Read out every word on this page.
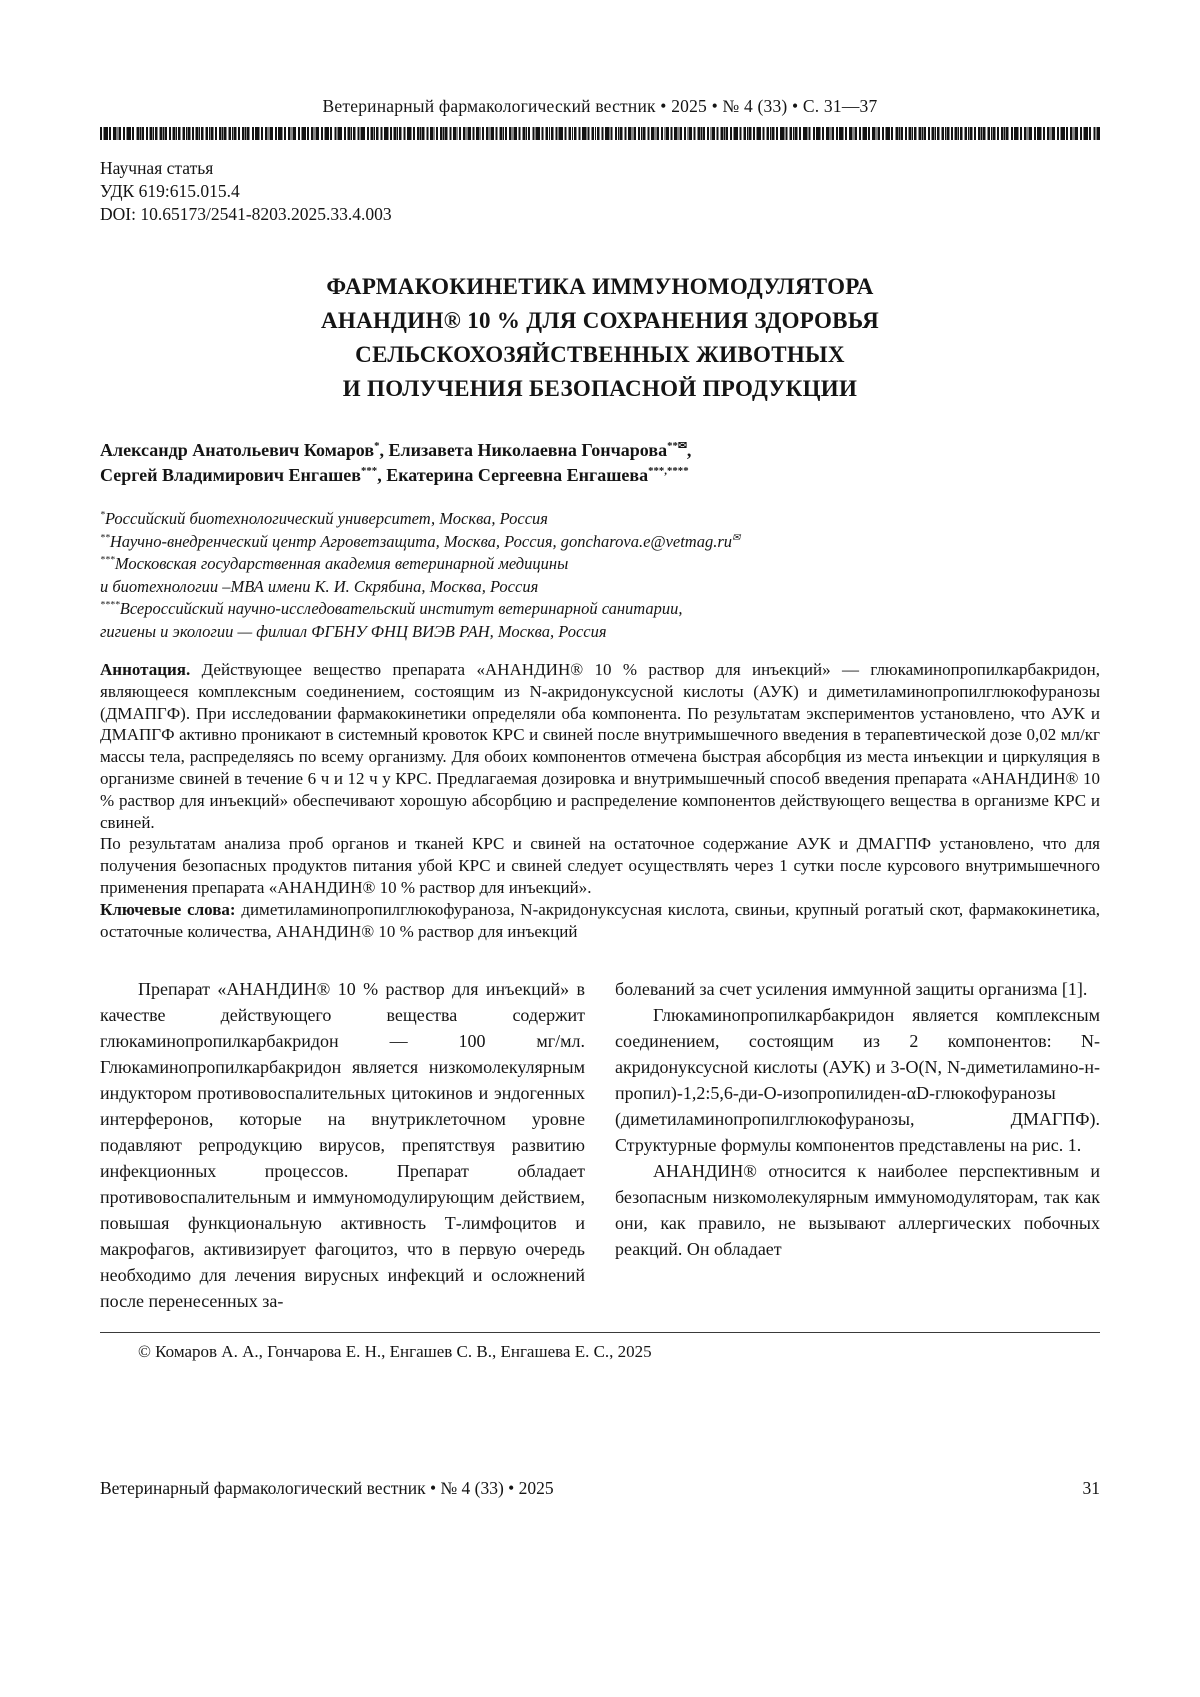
Ветеринарный фармакологический вестник • 2025 • № 4 (33) • С. 31—37
Научная статья
УДК 619:615.015.4
DOI: 10.65173/2541-8203.2025.33.4.003
ФАРМАКОКИНЕТИКА ИММУНОМОДУЛЯТОРА
АНАНДИН® 10 % ДЛЯ СОХРАНЕНИЯ ЗДОРОВЬЯ
СЕЛЬСКОХОЗЯЙСТВЕННЫХ ЖИВОТНЫХ
И ПОЛУЧЕНИЯ БЕЗОПАСНОЙ ПРОДУКЦИИ
Александр Анатольевич Комаров*, Елизавета Николаевна Гончарова**✉,
Сергей Владимирович Енгашев***, Екатерина Сергеевна Енгашева***,****

*Российский биотехнологический университет, Москва, Россия

**Научно-внедренческий центр Агроветзащита, Москва, Россия, goncharova.e@vetmag.ru✉

***Московская государственная академия ветеринарной медицины

и биотехнологии –МВА имени К. И. Скрябина, Москва, Россия

****Всероссийский научно-исследовательский институт ветеринарной санитарии,

гигиены и экологии — филиал ФГБНУ ФНЦ ВИЭВ РАН, Москва, Россия

Аннотация. Действующее вещество препарата «АНАНДИН® 10 % раствор для инъекций» — глюкаминопропилкарбакридон, являющееся комплексным соединением, состоящим из N-акридонуксусной кислоты (АУК) и диметиламинопропилглюкофуранозы (ДМАПГФ). При исследовании фармакокинетики определяли оба компонента. По результатам экспериментов установлено, что АУК и ДМАПГФ активно проникают в системный кровоток КРС и свиней после внутримышечного введения в терапевтической дозе 0,02 мл/кг массы тела, распределяясь по всему организму. Для обоих компонентов отмечена быстрая абсорбция из места инъекции и циркуляция в организме свиней в течение 6 ч и 12 ч у КРС. Предлагаемая дозировка и внутримышечный способ введения препарата «АНАНДИН® 10 % раствор для инъекций» обеспечивают хорошую абсорбцию и распределение компонентов действующего вещества в организме КРС и свиней.

По результатам анализа проб органов и тканей КРС и свиней на остаточное содержание АУК и ДМАГПФ установлено, что для получения безопасных продуктов питания убой КРС и свиней следует осуществлять через 1 сутки после курсового внутримышечного применения препарата «АНАНДИН® 10 % раствор для инъекций».

Ключевые слова: диметиламинопропилглюкофураноза, N-акридонуксусная кислота, свиньи, крупный рогатый скот, фармакокинетика, остаточные количества, АНАНДИН® 10 % раствор для инъекций

Препарат «АНАНДИН® 10 % раствор для инъекций» в качестве действующего вещества содержит глюкаминопропилкарбакридон — 100 мг/мл. Глюкаминопропилкарбакридон является низкомолекулярным индуктором противовоспалительных цитокинов и эндогенных интерферонов, которые на внутриклеточном уровне подавляют репродукцию вирусов, препятствуя развитию инфекционных процессов. Препарат обладает противовоспалительным и иммуномодулирующим действием, повышая функциональную активность Т-лимфоцитов и макрофагов, активизирует фагоцитоз, что в первую очередь необходимо для лечения вирусных инфекций и осложнений после перенесенных за-

болеваний за счет усиления иммунной защиты организма [1].

Глюкаминопропилкарбакридон является комплексным соединением, состоящим из 2 компонентов: N-акридонуксусной кислоты (АУК) и 3-О(N, N-диметиламино-н-пропил)-1,2:5,6-ди-О-изопропилиден-αD-глюкофуранозы (диметиламинопропилглюкофуранозы, ДМАГПФ). Структурные формулы компонентов представлены на рис. 1.

АНАНДИН® относится к наиболее перспективным и безопасным низкомолекулярным иммуномодуляторам, так как они, как правило, не вызывают аллергических побочных реакций. Он обладает

© Комаров А. А., Гончарова Е. Н., Енгашев С. В., Енгашева Е. С., 2025
Ветеринарный фармакологический вестник • № 4 (33) • 2025	31
